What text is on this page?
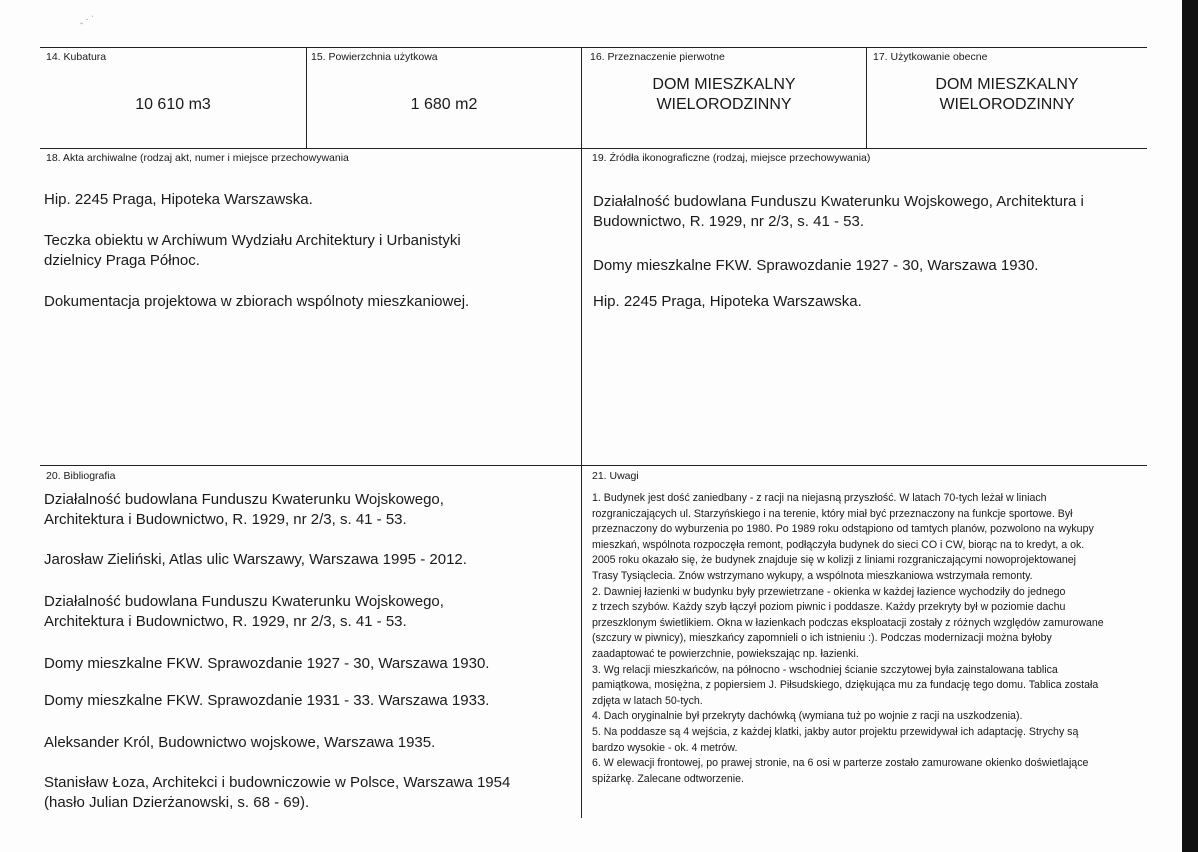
‸ · ˈ
14. Kubatura
10 610 m3
15. Powierzchnia użytkowa
1 680 m2
16. Przeznaczenie pierwotne
DOM MIESZKALNY
WIELORODZINNY
17. Użytkowanie obecne
DOM MIESZKALNY
WIELORODZINNY
18. Akta archiwalne (rodzaj akt, numer i miejsce przechowywania
Hip. 2245 Praga, Hipoteka Warszawska.
Teczka obiektu w Archiwum Wydziału Architektury i Urbanistyki
dzielnicy Praga Północ.
Dokumentacja projektowa w zbiorach wspólnoty mieszkaniowej.
19. Źródła ikonograficzne (rodzaj, miejsce przechowywania)
Działalność budowlana Funduszu Kwaterunku Wojskowego, Architektura i
Budownictwo, R. 1929, nr 2/3, s. 41 - 53.
Domy mieszkalne FKW. Sprawozdanie 1927 - 30, Warszawa 1930.
Hip. 2245 Praga, Hipoteka Warszawska.
20. Bibliografia
Działalność budowlana Funduszu Kwaterunku Wojskowego,
Architektura i Budownictwo, R. 1929, nr 2/3, s. 41 - 53.
Jarosław Zieliński, Atlas ulic Warszawy, Warszawa 1995 - 2012.
Działalność budowlana Funduszu Kwaterunku Wojskowego,
Architektura i Budownictwo, R. 1929, nr 2/3, s. 41 - 53.
Domy mieszkalne FKW. Sprawozdanie 1927 - 30, Warszawa 1930.
Domy mieszkalne FKW. Sprawozdanie 1931 - 33. Warszawa 1933.
Aleksander Król, Budownictwo wojskowe, Warszawa 1935.
Stanisław Łoza, Architekci i budowniczowie w Polsce, Warszawa 1954
(hasło Julian Dzierżanowski, s. 68 - 69).
21. Uwagi

1. Budynek jest dość zaniedbany - z racji na niejasną przyszłość. W latach 70-tych leżał w liniach

rozgraniczających ul. Starzyńskiego i na terenie, który miał być przeznaczony na funkcje sportowe. Był

przeznaczony do wyburzenia po 1980. Po 1989 roku odstąpiono od tamtych planów, pozwolono na wykupy

mieszkań, wspólnota rozpoczęła remont, podłączyła budynek do sieci CO i CW, biorąc na to kredyt, a ok.

2005 roku okazało się, że budynek znajduje się w kolizji z liniami rozgraniczającymi nowoprojektowanej

Trasy Tysiąclecia. Znów wstrzymano wykupy, a wspólnota mieszkaniowa wstrzymała remonty.

2. Dawniej łazienki w budynku były przewietrzane - okienka w każdej łazience wychodziły do jednego

z trzech szybów. Każdy szyb łączył poziom piwnic i poddasze. Każdy przekryty był w poziomie dachu

przeszklonym świetlikiem. Okna w łazienkach podczas eksploatacji zostały z różnych względów zamurowane

(szczury w piwnicy), mieszkańcy zapomnieli o ich istnieniu :). Podczas modernizacji można byłoby

zaadaptować te powierzchnie, powiekszając np. łazienki.

3. Wg relacji mieszkańców, na północno - wschodniej ścianie szczytowej była zainstalowana tablica

pamiątkowa, mosiężna, z popiersiem J. Piłsudskiego, dziękująca mu za fundację tego domu. Tablica została

zdjęta w latach 50-tych.

4. Dach oryginalnie był przekryty dachówką (wymiana tuż po wojnie z racji na uszkodzenia).

5. Na poddasze są 4 wejścia, z każdej klatki, jakby autor projektu przewidywał ich adaptację. Strychy są

bardzo wysokie - ok. 4 metrów.

6. W elewacji frontowej, po prawej stronie, na 6 osi w parterze zostało zamurowane okienko doświetlające

spiżarkę. Zalecane odtworzenie.
